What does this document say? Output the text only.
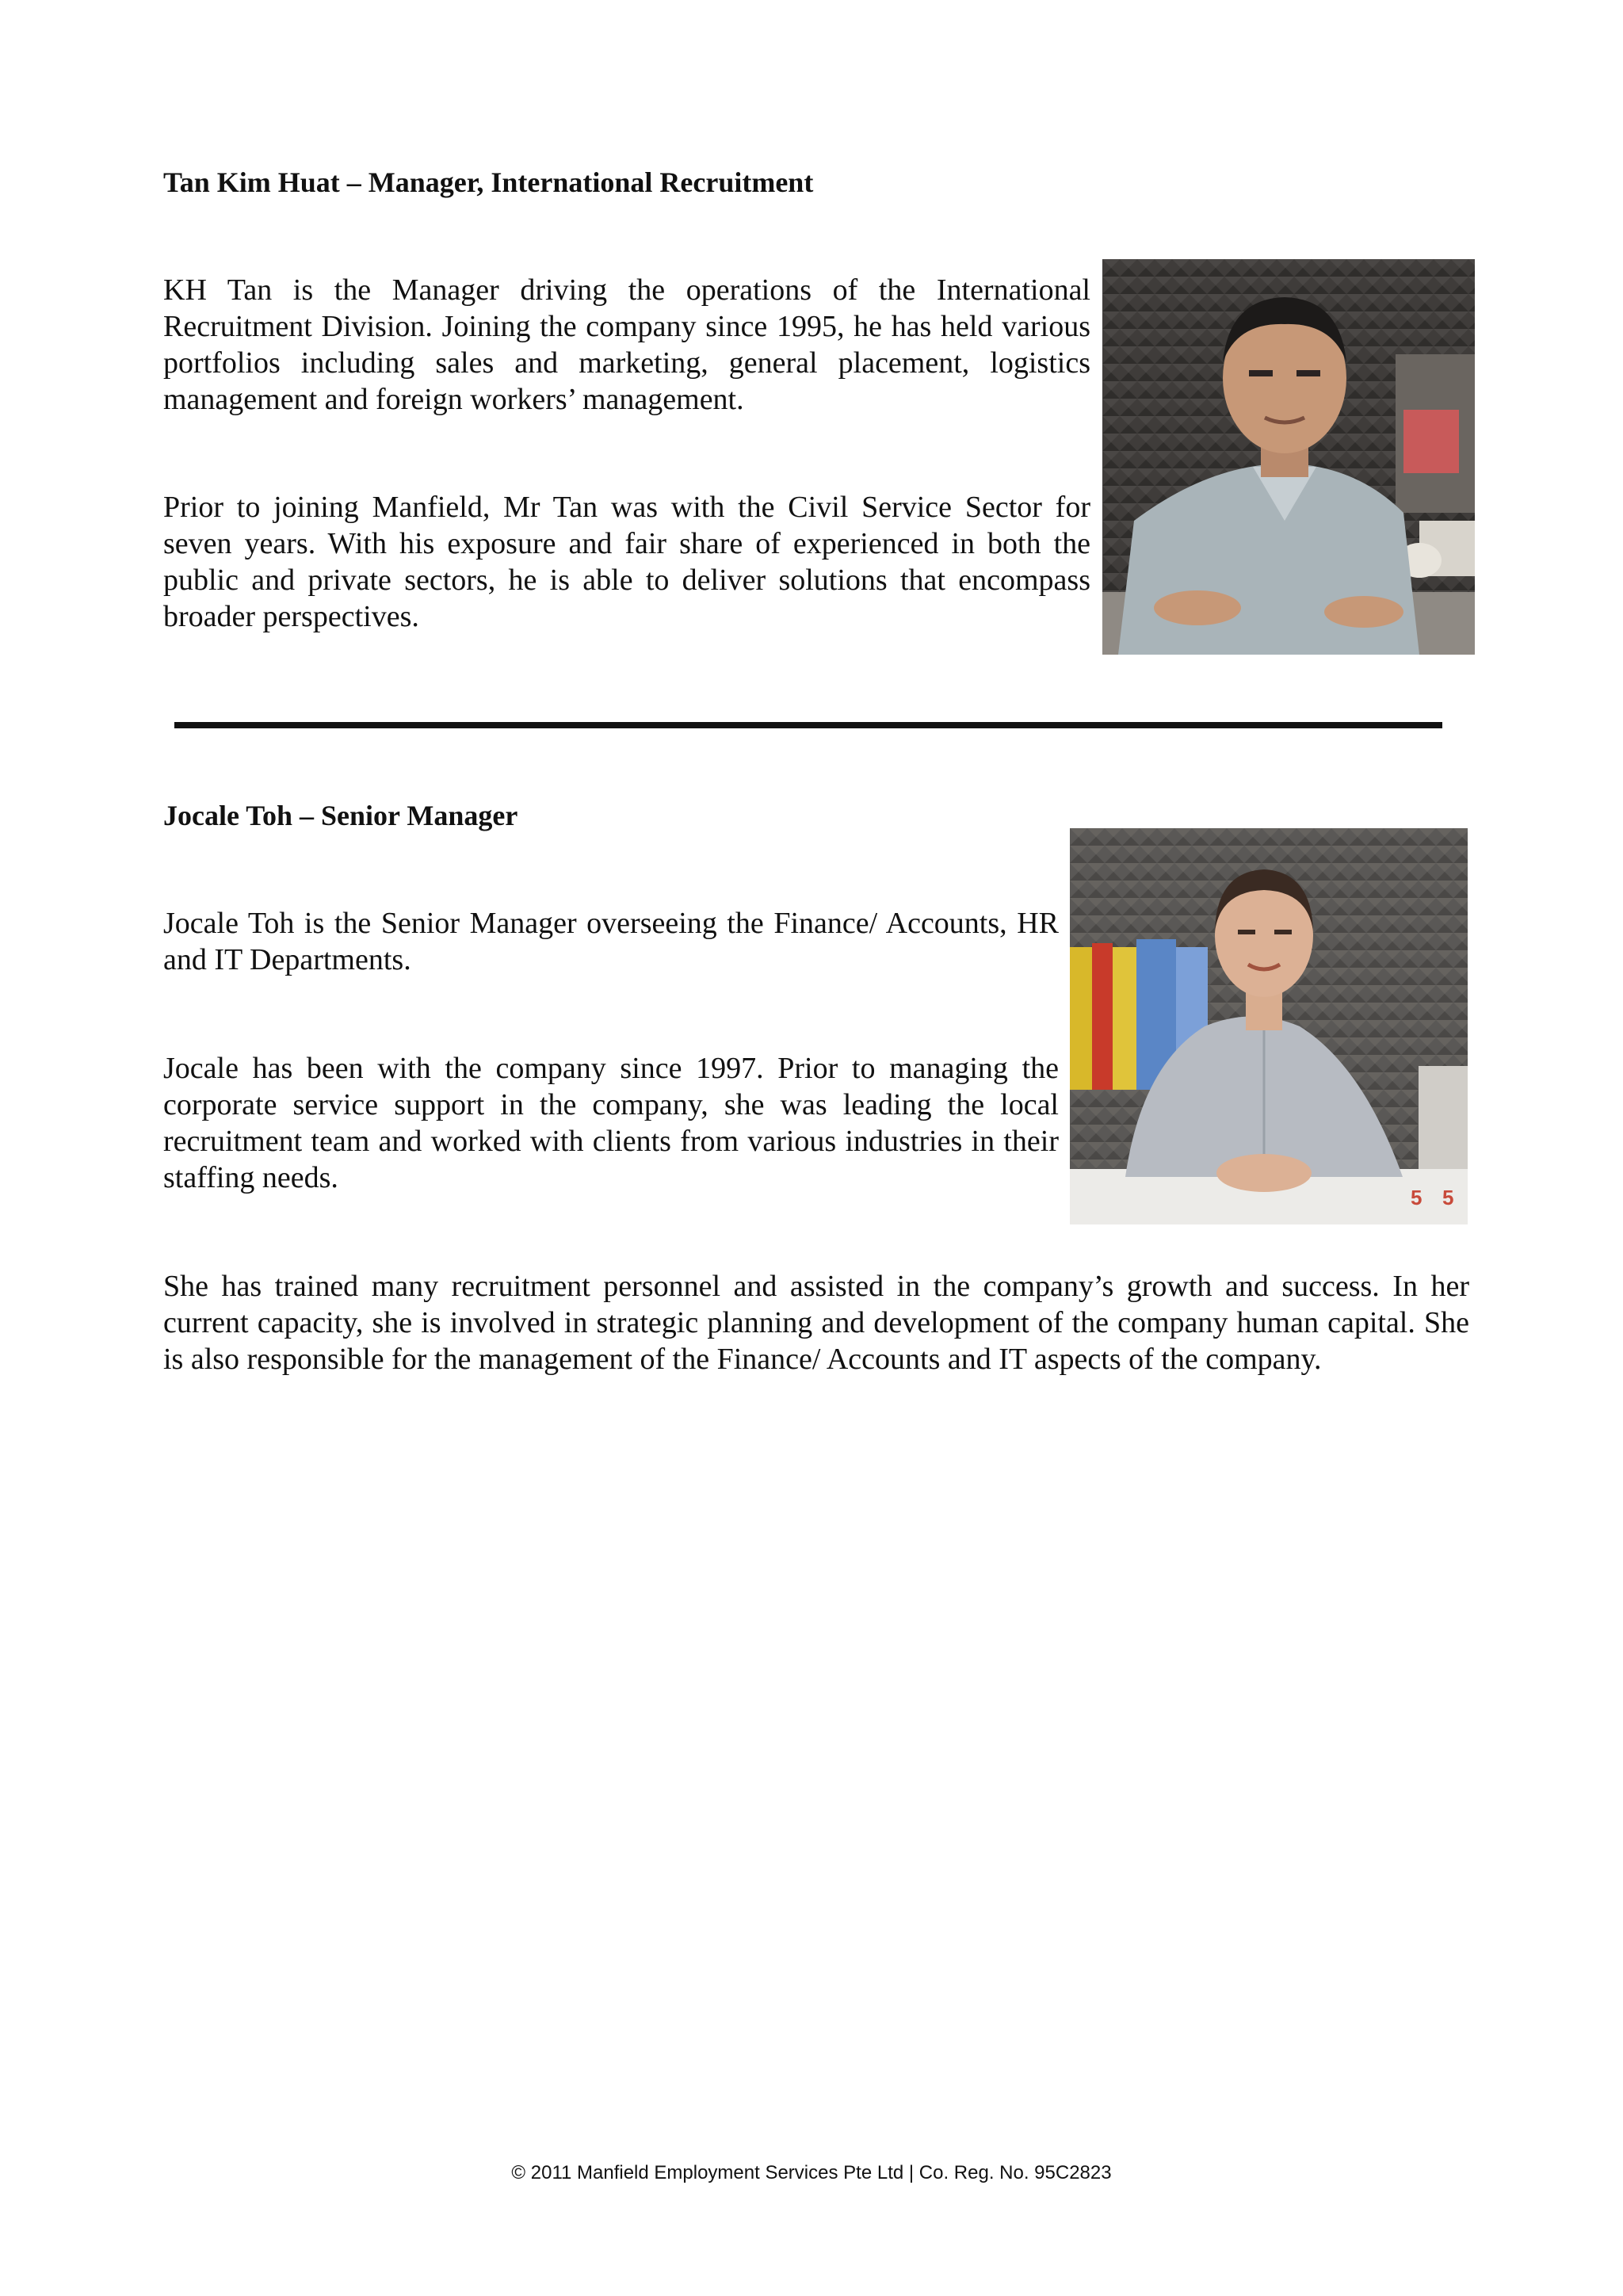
Tan Kim Huat – Manager, International Recruitment

KH Tan is the Manager driving the operations of the International Recruitment Division. Joining the company since 1995, he has held various portfolios including sales and marketing, general placement, logistics management and foreign workers’ management.

Prior to joining Manfield, Mr Tan was with the Civil Service Sector for seven years. With his exposure and fair share of experienced in both the public and private sectors, he is able to deliver solutions that encompass broader perspectives.

Jocale Toh – Senior Manager

Jocale Toh is the Senior Manager overseeing the Finance/ Accounts, HR and IT Departments.

Jocale has been with the company since 1997. Prior to managing the corporate service support in the company, she was leading the local recruitment team and worked with clients from various industries in their staffing needs.

She has trained many recruitment personnel and assisted in the company’s growth and success. In her current capacity, she is involved in strategic planning and development of the company human capital. She is also responsible for the management of the Finance/ Accounts and IT aspects of the company.

5 5
© 2011 Manfield Employment Services Pte Ltd | Co. Reg. No. 95C2823
